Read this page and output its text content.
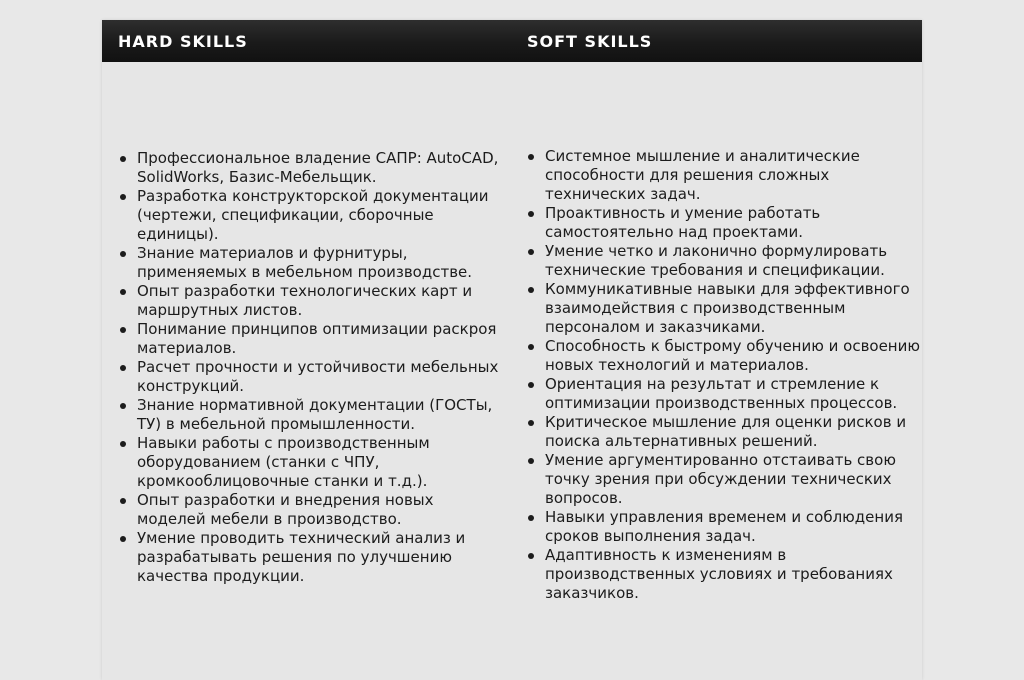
HARD SKILLS	SOFT SKILLS
Профессиональное владение САПР: AutoCAD, SolidWorks, Базис-Мебельщик.
Разработка конструкторской документации (чертежи, спецификации, сборочные единицы).
Знание материалов и фурнитуры, применяемых в мебельном производстве.
Опыт разработки технологических карт и маршрутных листов.
Понимание принципов оптимизации раскроя материалов.
Расчет прочности и устойчивости мебельных конструкций.
Знание нормативной документации (ГОСТы, ТУ) в мебельной промышленности.
Навыки работы с производственным оборудованием (станки с ЧПУ, кромкооблицовочные станки и т.д.).
Опыт разработки и внедрения новых моделей мебели в производство.
Умение проводить технический анализ и разрабатывать решения по улучшению качества продукции.
Системное мышление и аналитические способности для решения сложных технических задач.
Проактивность и умение работать самостоятельно над проектами.
Умение четко и лаконично формулировать технические требования и спецификации.
Коммуникативные навыки для эффективного взаимодействия с производственным персоналом и заказчиками.
Способность к быстрому обучению и освоению новых технологий и материалов.
Ориентация на результат и стремление к оптимизации производственных процессов.
Критическое мышление для оценки рисков и поиска альтернативных решений.
Умение аргументированно отстаивать свою точку зрения при обсуждении технических вопросов.
Навыки управления временем и соблюдения сроков выполнения задач.
Адаптивность к изменениям в производственных условиях и требованиях заказчиков.
